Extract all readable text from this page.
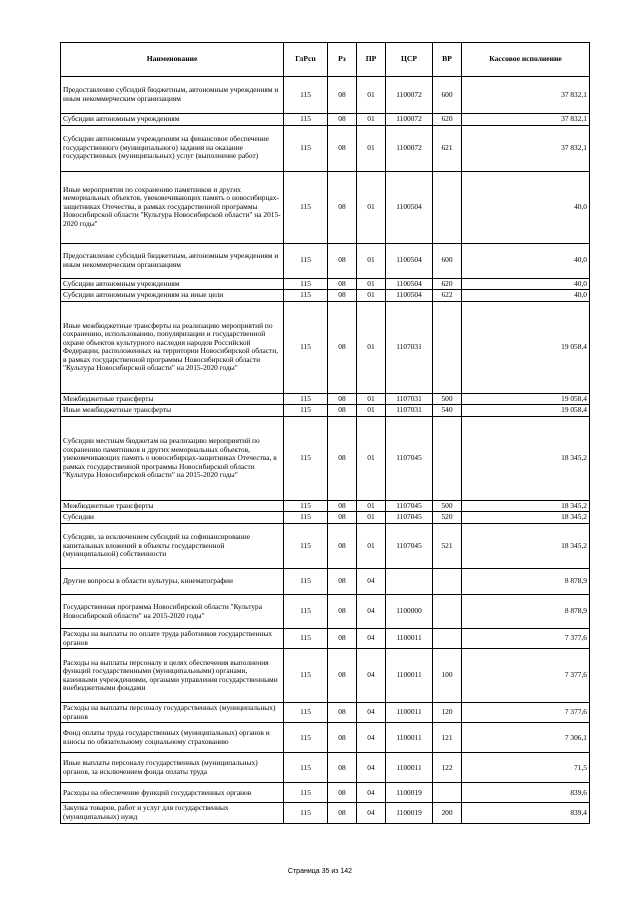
Наименование	ГлРсп	Рз	ПР	ЦСР	ВР	Кассовое исполнение
Предоставление субсидий бюджетным, автономным учреждениям и иным некоммерческим организациям	115	08	01	1100072	600	37 832,1
Субсидии автономным учреждениям	115	08	01	1100072	620	37 832,1
Субсидии автономным учреждениям на финансовое обеспечение государственного (муниципального) задания на оказание государственных (муниципальных) услуг (выполнение работ)	115	08	01	1100072	621	37 832,1
Иные мероприятия по сохранению памятников и других мемориальных объектов, увековечивающих память о новосибирцах-защитниках Отечества, в рамках государственной программы Новосибирской области "Культура Новосибирской области" на 2015-2020 годы"	115	08	01	1100504		40,0
Предоставление субсидий бюджетным, автономным учреждениям и иным некоммерческим организациям	115	08	01	1100504	600	40,0
Субсидии автономным учреждениям	115	08	01	1100504	620	40,0
Субсидии автономным учреждениям на иные цели	115	08	01	1100504	622	40,0
Иные межбюджетные трансферты на реализацию мероприятий по сохранению, использованию, популяризации и государственной охране объектов культурного наследия народов Российской Федерации, расположенных на территории Новосибирской области, в рамках государственной программы Новосибирской области "Культура Новосибирской области" на 2015-2020 годы"	115	08	01	1107031		19 058,4
Межбюджетные трансферты	115	08	01	1107031	500	19 058,4
Иные межбюджетные трансферты	115	08	01	1107031	540	19 058,4
Субсидии местным бюджетам на реализацию мероприятий по сохранению памятников и других мемориальных объектов, увековечивающих память о новосибирцах-защитниках Отечества, в рамках государственной программы Новосибирской области "Культура Новосибирской области" на 2015-2020 годы"	115	08	01	1107045		18 345,2
Межбюджетные трансферты	115	08	01	1107045	500	18 345,2
Субсидии	115	08	01	1107045	520	18 345,2
Субсидии, за исключением субсидий на софинансирование капитальных вложений в объекты государственной (муниципальной) собственности	115	08	01	1107045	521	18 345,2
Другие вопросы в области культуры, кинематографии	115	08	04			8 878,9
Государственная программа Новосибирской области "Культура Новосибирской области" на 2015-2020 годы"	115	08	04	1100000		8 878,9
Расходы на выплаты по оплате труда работников государственных органов	115	08	04	1100011		7 377,6
Расходы на выплаты персоналу в целях обеспечения выполнения функций государственными (муниципальными) органами, казенными учреждениями, органами управления государственными внебюджетными фондами	115	08	04	1100011	100	7 377,6
Расходы на выплаты персоналу государственных (муниципальных) органов	115	08	04	1100011	120	7 377,6
Фонд оплаты труда государственных (муниципальных) органов и взносы по обязательному социальному страхованию	115	08	04	1100011	121	7 306,1
Иные выплаты персоналу государственных (муниципальных) органов, за исключением фонда оплаты труда	115	08	04	1100011	122	71,5
Расходы на обеспечение функций государственных органов	115	08	04	1100019		839,6
Закупка товаров, работ и услуг для государственных (муниципальных) нужд	115	08	04	1100019	200	839,4
Страница 35 из 142
